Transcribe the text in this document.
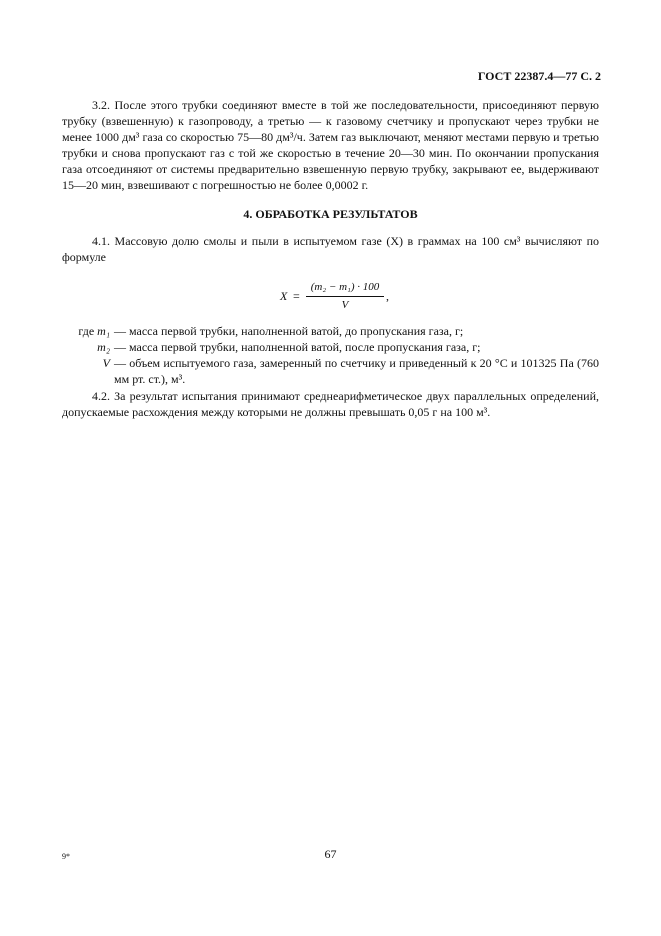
ГОСТ 22387.4—77 С. 2

3.2. После этого трубки соединяют вместе в той же последовательности, присоединяют первую трубку (взвешенную) к газопроводу, а третью — к газовому счетчику и пропускают через трубки не менее 1000 дм³ газа со скоростью 75—80 дм³/ч. Затем газ выключают, меняют местами первую и третью трубки и снова пропускают газ с той же скоростью в течение 20—30 мин. По окончании пропускания газа отсоединяют от системы предварительно взвешенную первую трубку, закрывают ее, выдерживают 15—20 мин, взвешивают с погрешностью не более 0,0002 г.

4. ОБРАБОТКА РЕЗУЛЬТАТОВ

4.1. Массовую долю смолы и пыли в испытуемом газе (X) в граммах на 100 см³ вычисляют по формуле

$X = \frac{\text{(m₂ − m₁) · 100}}{V}$ ,
где m₁ — масса первой трубки, наполненной ватой, до пропускания газа, г;
m₂ — масса первой трубки, наполненной ватой, после пропускания газа, г;
V — объем испытуемого газа, замеренный по счетчику и приведенный к 20 °С и 101325 Па (760 мм рт. ст.), м³.

4.2. За результат испытания принимают среднеарифметическое двух параллельных определений, допускаемые расхождения между которыми не должны превышать 0,05 г на 100 м³.

9*	67
